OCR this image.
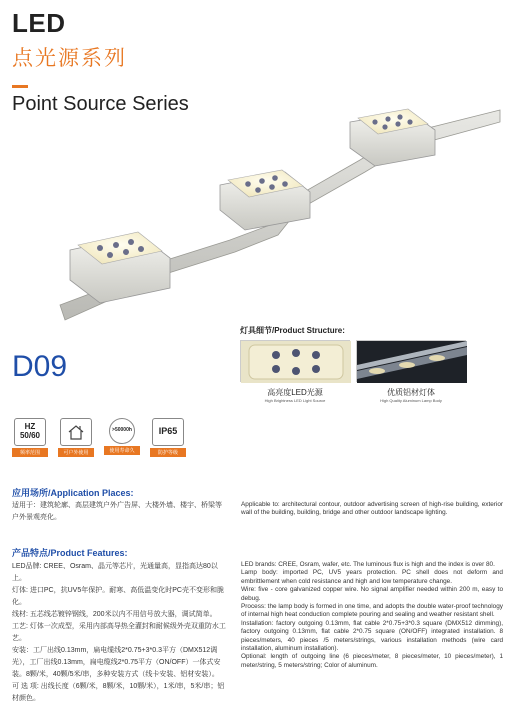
LED
点光源系列
Point Source Series
灯具细节/Product Structure:
高亮度LED光源
High Brightness LED Light Source
优质铝材灯体
High Quality Aluminum Lamp Body
D09
HZ
50/60
频率范围	可户外使用
>50000h
使用寿命久
IP65
防护等级
应用场所/Application Places:
适用于：建筑轮廓、高层建筑户外广告屏、大楼外墙、楼宇、桥梁等户外景观亮化。
Applicable to: architectural contour, outdoor advertising screen of high-rise building, exterior wall of the building, building, bridge and other outdoor landscape lighting.
产品特点/Product Features:
LED品牌: CREE、Osram、晶元等芯片，光通量高，显指高达80以上。
灯体: 进口PC，抗UV5年保护。耐寒、高低温变化时PC壳不变形和脆化。
线材: 五芯线芯镀锌钢线，200米以内不用信号放大器，调试简单。
工艺: 灯体一次成型，采用内部高导热全灌封和耐候级外壳双重防水工艺。
安装：工厂出线0.13mm，扁电缆线2*0.75+3*0.3平方（DMX512调光），工厂出线0.13mm，扁电缆线2*0.75平方（ON/OFF）一体式安装。8颗/米，40颗/5米/串，多种安装方式（线卡安装、铝材安装）。
可 选 项: 出线长度（6颗/米，8颗/米，10颗/米），1米/串，5米/串；铝材颜色。
LED brands: CREE, Osram, wafer, etc. The luminous flux is high and the index is over 80.
Lamp body: imported PC, UV5 years protection. PC shell does not deform and embrittlement when cold resistance and high and low temperature change.
Wire: five - core galvanized copper wire. No signal amplifier needed within 200 m, easy to debug.
Process: the lamp body is formed in one time, and adopts the double water-proof technology of internal high heat conduction complete pouring and sealing and weather resistant shell.
Installation: factory outgoing 0.13mm, flat cable 2*0.75+3*0.3 square (DMX512 dimming), factory outgoing 0.13mm, flat cable 2*0.75 square (ON/OFF) integrated installation. 8 pieces/meters, 40 pieces /5 meters/strings, various installation methods (wire card installation, aluminum installation).
Optional: length of outgoing line (6 pieces/meter, 8 pieces/meter, 10 pieces/meter), 1 meter/string, 5 meters/string; Color of aluminum.
